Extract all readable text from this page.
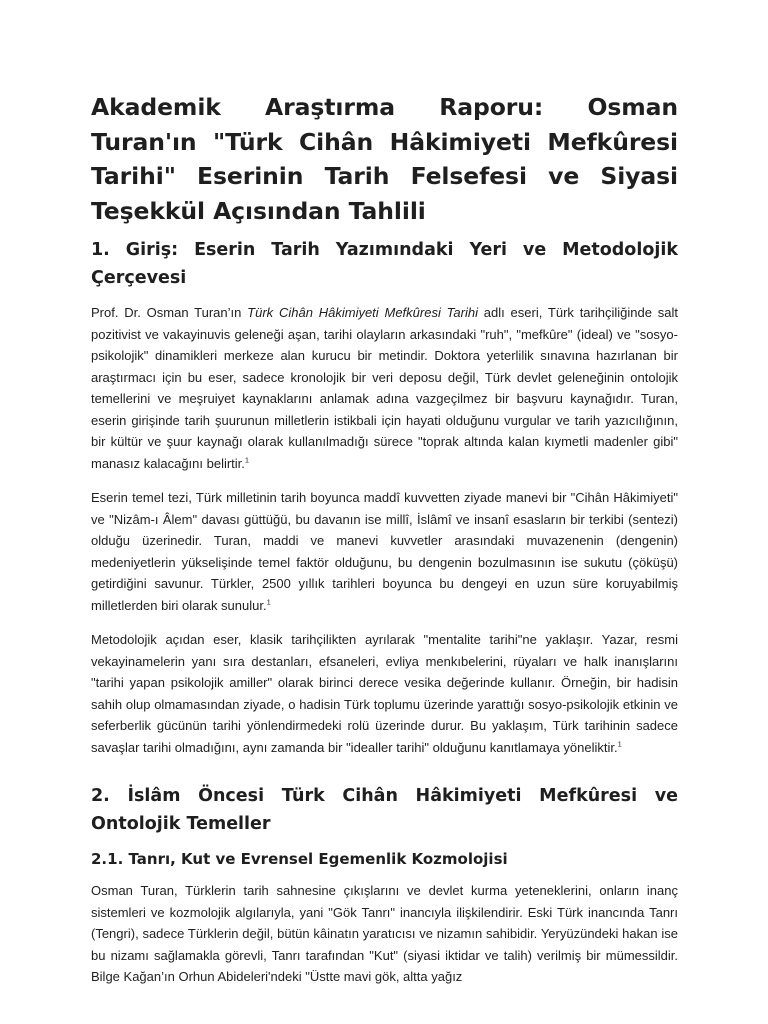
Akademik Araştırma Raporu: Osman Turan'ın "Türk Cihân Hâkimiyeti Mefkûresi Tarihi" Eserinin Tarih Felsefesi ve Siyasi Teşekkül Açısından Tahlili
1. Giriş: Eserin Tarih Yazımındaki Yeri ve Metodolojik Çerçevesi

Prof. Dr. Osman Turan’ın Türk Cihân Hâkimiyeti Mefkûresi Tarihi adlı eseri, Türk tarihçiliğinde salt pozitivist ve vakayinuvis geleneği aşan, tarihi olayların arkasındaki "ruh", "mefkûre" (ideal) ve "sosyo-psikolojik" dinamikleri merkeze alan kurucu bir metindir. Doktora yeterlilik sınavına hazırlanan bir araştırmacı için bu eser, sadece kronolojik bir veri deposu değil, Türk devlet geleneğinin ontolojik temellerini ve meşruiyet kaynaklarını anlamak adına vazgeçilmez bir başvuru kaynağıdır. Turan, eserin girişinde tarih şuurunun milletlerin istikbali için hayati olduğunu vurgular ve tarih yazıcılığının, bir kültür ve şuur kaynağı olarak kullanılmadığı sürece "toprak altında kalan kıymetli madenler gibi" manasız kalacağını belirtir.$^1$

Eserin temel tezi, Türk milletinin tarih boyunca maddî kuvvetten ziyade manevi bir "Cihân Hâkimiyeti" ve "Nizâm-ı Âlem" davası güttüğü, bu davanın ise millî, İslâmî ve insanî esasların bir terkibi (sentezi) olduğu üzerinedir. Turan, maddi ve manevi kuvvetler arasındaki muvazenenin (dengenin) medeniyetlerin yükselişinde temel faktör olduğunu, bu dengenin bozulmasının ise sukutu (çöküşü) getirdiğini savunur. Türkler, 2500 yıllık tarihleri boyunca bu dengeyi en uzun süre koruyabilmiş milletlerden biri olarak sunulur.$^1$

Metodolojik açıdan eser, klasik tarihçilikten ayrılarak "mentalite tarihi"ne yaklaşır. Yazar, resmi vekayinamelerin yanı sıra destanları, efsaneleri, evliya menkıbelerini, rüyaları ve halk inanışlarını "tarihi yapan psikolojik amiller" olarak birinci derece vesika değerinde kullanır. Örneğin, bir hadisin sahih olup olmamasından ziyade, o hadisin Türk toplumu üzerinde yarattığı sosyo-psikolojik etkinin ve seferberlik gücünün tarihi yönlendirmedeki rolü üzerinde durur. Bu yaklaşım, Türk tarihinin sadece savaşlar tarihi olmadığını, aynı zamanda bir "idealler tarihi" olduğunu kanıtlamaya yöneliktir.$^1$

2. İslâm Öncesi Türk Cihân Hâkimiyeti Mefkûresi ve Ontolojik Temeller
2.1. Tanrı, Kut ve Evrensel Egemenlik Kozmolojisi

Osman Turan, Türklerin tarih sahnesine çıkışlarını ve devlet kurma yeteneklerini, onların inanç sistemleri ve kozmolojik algılarıyla, yani "Gök Tanrı" inancıyla ilişkilendirir. Eski Türk inancında Tanrı (Tengri), sadece Türklerin değil, bütün kâinatın yaratıcısı ve nizamın sahibidir. Yeryüzündeki hakan ise bu nizamı sağlamakla görevli, Tanrı tarafından "Kut" (siyasi iktidar ve talih) verilmiş bir mümessildir. Bilge Kağan’ın Orhun Abideleri'ndeki "Üstte mavi gök, altta yağız
